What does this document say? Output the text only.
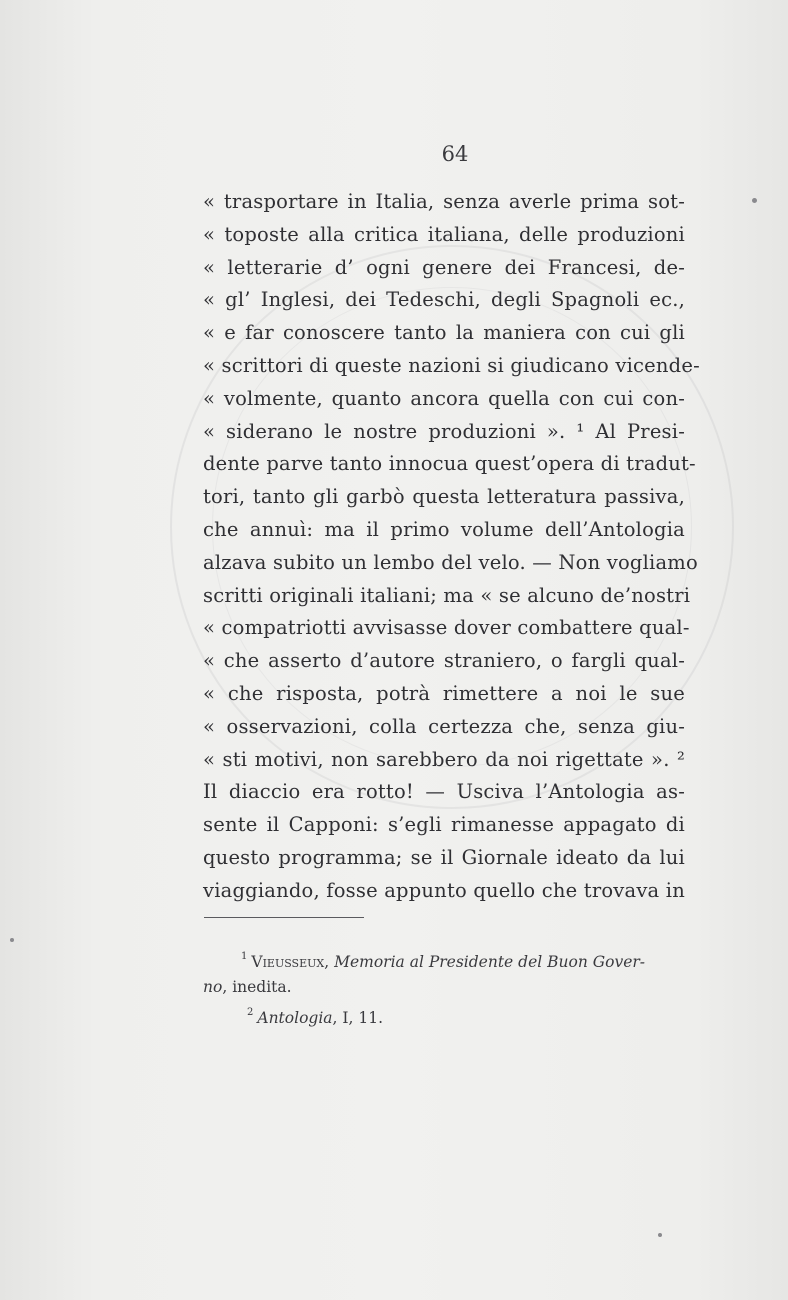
64
« trasportare in Italia, senza averle prima sot-
« toposte alla critica italiana, delle produzioni
« letterarie d’ ogni genere dei Francesi, de-
« gl’ Inglesi, dei Tedeschi, degli Spagnoli ec.,
« e far conoscere tanto la maniera con cui gli
« scrittori di queste nazioni si giudicano vicende-
« volmente, quanto ancora quella con cui con-
« siderano le nostre produzioni ». ¹ Al Presi-
dente parve tanto innocua quest’opera di tradut-
tori, tanto gli garbò questa letteratura passiva,
che annuì: ma il primo volume dell’Antologia
alzava subito un lembo del velo. — Non vogliamo
scritti originali italiani; ma « se alcuno de’nostri
« compatriotti avvisasse dover combattere qual-
« che asserto d’autore straniero, o fargli qual-
« che risposta, potrà rimettere a noi le sue
« osservazioni, colla certezza che, senza giu-
« sti motivi, non sarebbero da noi rigettate ». ²
Il diaccio era rotto! — Usciva l’Antologia as-
sente il Capponi: s’egli rimanesse appagato di
questo programma; se il Giornale ideato da lui
viaggiando, fosse appunto quello che trovava in
$^1$ Vieusseux, Memoria al Presidente del Buon Gover-
no, inedita.
$^2$ Antologia, I, 11.
